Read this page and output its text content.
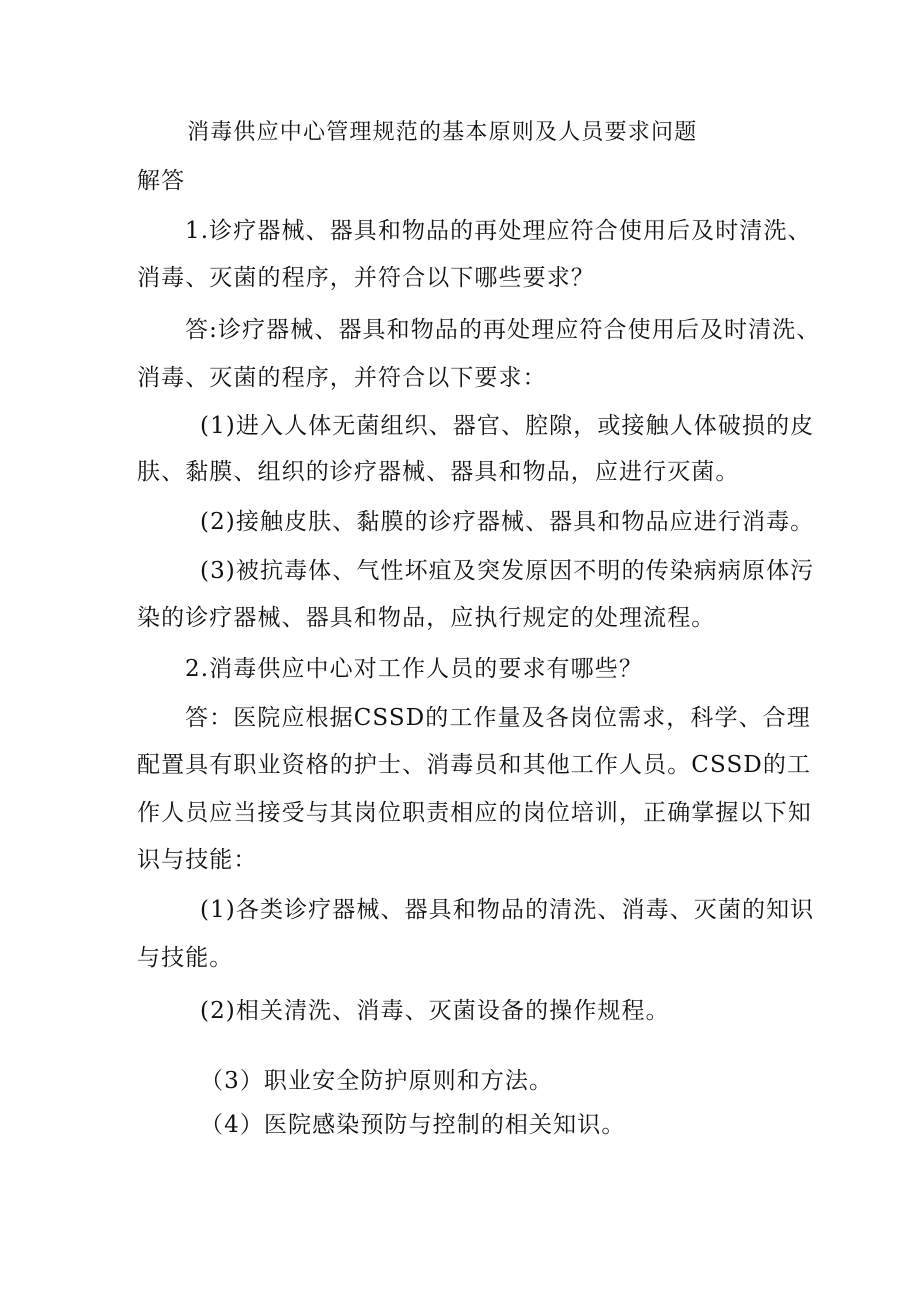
消毒供应中心管理规范的基本原则及人员要求问题
解答
1.诊疗器械、器具和物品的再处理应符合使用后及时清洗、
消毒、灭菌的程序，并符合以下哪些要求？
答:诊疗器械、器具和物品的再处理应符合使用后及时清洗、
消毒、灭菌的程序，并符合以下要求：
(1)进入人体无菌组织、器官、腔隙，或接触人体破损的皮
肤、黏膜、组织的诊疗器械、器具和物品，应进行灭菌。
(2)接触皮肤、黏膜的诊疗器械、器具和物品应进行消毒。
(3)被抗毒体、气性坏疽及突发原因不明的传染病病原体污
染的诊疗器械、器具和物品，应执行规定的处理流程。
2.消毒供应中心对工作人员的要求有哪些？
答：医院应根据CSSD的工作量及各岗位需求，科学、合理
配置具有职业资格的护士、消毒员和其他工作人员。CSSD的工
作人员应当接受与其岗位职责相应的岗位培训，正确掌握以下知
识与技能：
(1)各类诊疗器械、器具和物品的清洗、消毒、灭菌的知识
与技能。
(2)相关清洗、消毒、灭菌设备的操作规程。
（3）职业安全防护原则和方法。
（4）医院感染预防与控制的相关知识。
